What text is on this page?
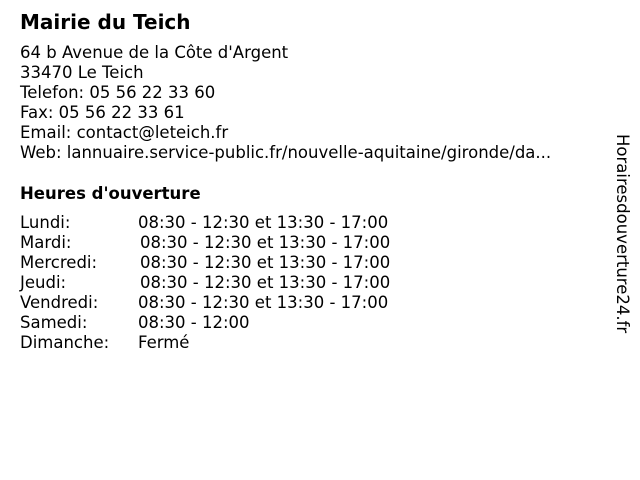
Mairie du Teich
64 b Avenue de la Côte d'Argent
33470 Le Teich
Telefon: 05 56 22 33 60
Fax: 05 56 22 33 61
Email: contact@leteich.fr
Web: lannuaire.service-public.fr/nouvelle-aquitaine/gironde/da...
Heures d'ouverture
Lundi:	08:30 - 12:30 et 13:30 - 17:00
Mardi:	08:30 - 12:30 et 13:30 - 17:00
Mercredi:	08:30 - 12:30 et 13:30 - 17:00
Jeudi:	08:30 - 12:30 et 13:30 - 17:00
Vendredi: 08:30 - 12:30 et 13:30 - 17:00
Samedi:	08:30 - 12:00
Dimanche: Fermé
Horairesdouverture24.fr
